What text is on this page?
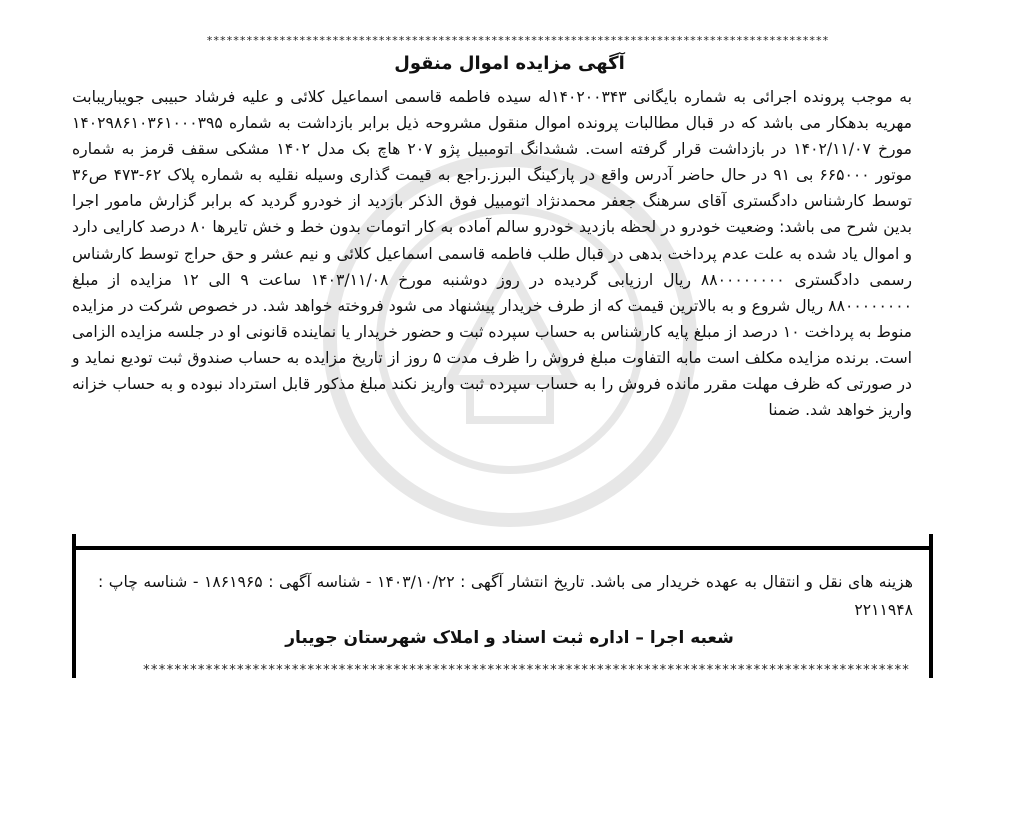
**********************************************************************************************
آگهی مزایده اموال منقول
به موجب پرونده اجرائی به شماره بایگانی ۱۴۰۲۰۰۳۴۳له سیده فاطمه قاسمی اسماعیل کلائی و علیه فرشاد حبیبی جویباریبابت مهریه بدهکار می باشد که در قبال مطالبات پرونده اموال منقول مشروحه ذیل برابر بازداشت به شماره ۱۴۰۲۹۸۶۱۰۳۶۱۰۰۰۳۹۵ مورخ ۱۴۰۲/۱۱/۰۷ در بازداشت قرار گرفته است. ششدانگ اتومبیل پژو ۲۰۷ هاچ بک مدل ۱۴۰۲ مشکی سقف قرمز به شماره موتور ۶۶۵۰۰۰ بی ۹۱ در حال حاضر آدرس واقع در پارکینگ البرز.راجع به قیمت گذاری وسیله نقلیه به شماره پلاک ۶۲-۴۷۳ ص۳۶ توسط کارشناس دادگستری آقای سرهنگ جعفر محمدنژاد اتومبیل فوق الذکر بازدید از خودرو گردید که برابر گزارش مامور اجرا بدین شرح می باشد: وضعیت خودرو در لحظه بازدید خودرو سالم آماده به کار اتومات بدون خط و خش تایرها ۸۰ درصد کارایی دارد و اموال یاد شده به علت عدم پرداخت بدهی در قبال طلب فاطمه قاسمی اسماعیل کلائی و نیم عشر و حق حراج توسط کارشناس رسمی دادگستری ۸۸۰۰۰۰۰۰۰۰ ریال ارزیابی گردیده در روز دوشنبه مورخ ۱۴۰۳/۱۱/۰۸ ساعت ۹ الی ۱۲ مزایده از مبلغ ۸۸۰۰۰۰۰۰۰۰ ریال شروع و به بالاترین قیمت که از طرف خریدار پیشنهاد می شود فروخته خواهد شد. در خصوص شرکت در مزایده منوط به پرداخت ۱۰ درصد از مبلغ پایه کارشناس به حساب سپرده ثبت و حضور خریدار یا نماینده قانونی او در جلسه مزایده الزامی است. برنده مزایده مکلف است مابه التفاوت مبلغ فروش را ظرف مدت ۵ روز از تاریخ مزایده به حساب صندوق ثبت تودیع نماید و در صورتی که ظرف مهلت مقرر مانده فروش را به حساب سپرده ثبت واریز نکند مبلغ مذکور قابل استرداد نبوده و به حساب خزانه واریز خواهد شد. ضمنا
هزینه های نقل و انتقال به عهده خریدار می باشد. تاریخ انتشار آگهی : ۱۴۰۳/۱۰/۲۲ - شناسه آگهی : ۱۸۶۱۹۶۵ - شناسه چاپ : ۲۲۱۱۹۴۸
شعبه اجرا – اداره ثبت اسناد و املاک شهرستان جویبار
**************************************************************************************************
